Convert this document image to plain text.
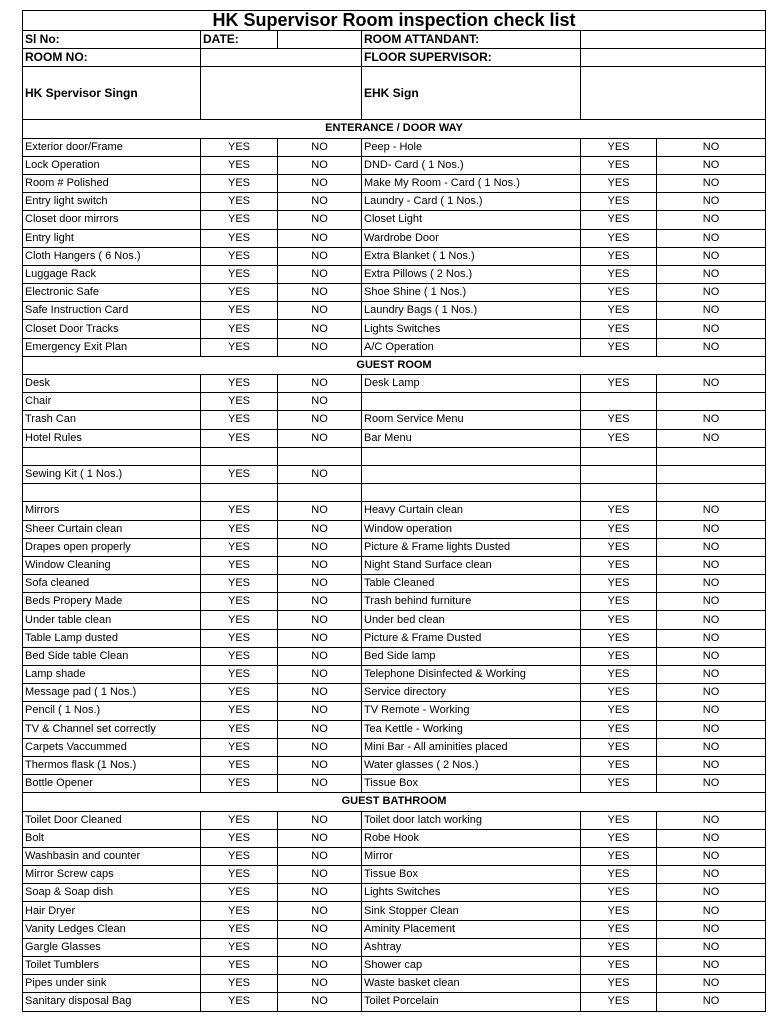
HK Supervisor Room inspection check list					
Sl No:	DATE:		ROOM ATTANDANT:		
ROOM NO:			FLOOR SUPERVISOR:		
HK Spervisor Singn			EHK Sign		
ENTERANCE / DOOR WAY					
Exterior door/Frame	YES	NO	Peep - Hole	YES	NO
Lock Operation	YES	NO	DND- Card ( 1 Nos.)	YES	NO
Room # Polished	YES	NO	Make My Room - Card ( 1 Nos.)	YES	NO
Entry light switch	YES	NO	Laundry - Card ( 1 Nos.)	YES	NO
Closet door mirrors	YES	NO	Closet Light	YES	NO
Entry light	YES	NO	Wardrobe Door	YES	NO
Cloth Hangers ( 6 Nos.)	YES	NO	Extra Blanket ( 1 Nos.)	YES	NO
Luggage Rack	YES	NO	Extra Pillows ( 2 Nos.)	YES	NO
Electronic Safe	YES	NO	Shoe Shine ( 1 Nos.)	YES	NO
Safe Instruction Card	YES	NO	Laundry Bags ( 1 Nos.)	YES	NO
Closet Door Tracks	YES	NO	Lights Switches	YES	NO
Emergency Exit Plan	YES	NO	A/C Operation	YES	NO
GUEST ROOM					
Desk	YES	NO	Desk Lamp	YES	NO
Chair	YES	NO			
Trash Can	YES	NO	Room Service Menu	YES	NO
Hotel Rules	YES	NO	Bar Menu	YES	NO

Sewing Kit ( 1 Nos.)	YES	NO			

Mirrors	YES	NO	Heavy Curtain clean	YES	NO
Sheer Curtain clean	YES	NO	Window operation	YES	NO
Drapes open properly	YES	NO	Picture & Frame lights Dusted	YES	NO
Window Cleaning	YES	NO	Night Stand Surface clean	YES	NO
Sofa cleaned	YES	NO	Table Cleaned	YES	NO
Beds Propery Made	YES	NO	Trash behind furniture	YES	NO
Under table clean	YES	NO	Under bed clean	YES	NO
Table Lamp dusted	YES	NO	Picture & Frame Dusted	YES	NO
Bed Side table Clean	YES	NO	Bed Side lamp	YES	NO
Lamp shade	YES	NO	Telephone Disinfected & Working	YES	NO
Message pad ( 1 Nos.)	YES	NO	Service directory	YES	NO
Pencil ( 1 Nos.)	YES	NO	TV Remote - Working	YES	NO
TV & Channel set correctly	YES	NO	Tea Kettle - Working	YES	NO
Carpets Vaccummed	YES	NO	Mini Bar - All aminities placed	YES	NO
Thermos flask (1 Nos.)	YES	NO	Water glasses ( 2 Nos.)	YES	NO
Bottle Opener	YES	NO	Tissue Box	YES	NO
GUEST BATHROOM					
Toilet Door Cleaned	YES	NO	Toilet door latch working	YES	NO
Bolt	YES	NO	Robe Hook	YES	NO
Washbasin and counter	YES	NO	Mirror	YES	NO
Mirror Screw caps	YES	NO	Tissue Box	YES	NO
Soap & Soap dish	YES	NO	Lights Switches	YES	NO
Hair Dryer	YES	NO	Sink Stopper Clean	YES	NO
Vanity Ledges Clean	YES	NO	Aminity Placement	YES	NO
Gargle Glasses	YES	NO	Ashtray	YES	NO
Toilet Tumblers	YES	NO	Shower cap	YES	NO
Pipes under sink	YES	NO	Waste basket clean	YES	NO
Sanitary disposal Bag	YES	NO	Toilet Porcelain	YES	NO
